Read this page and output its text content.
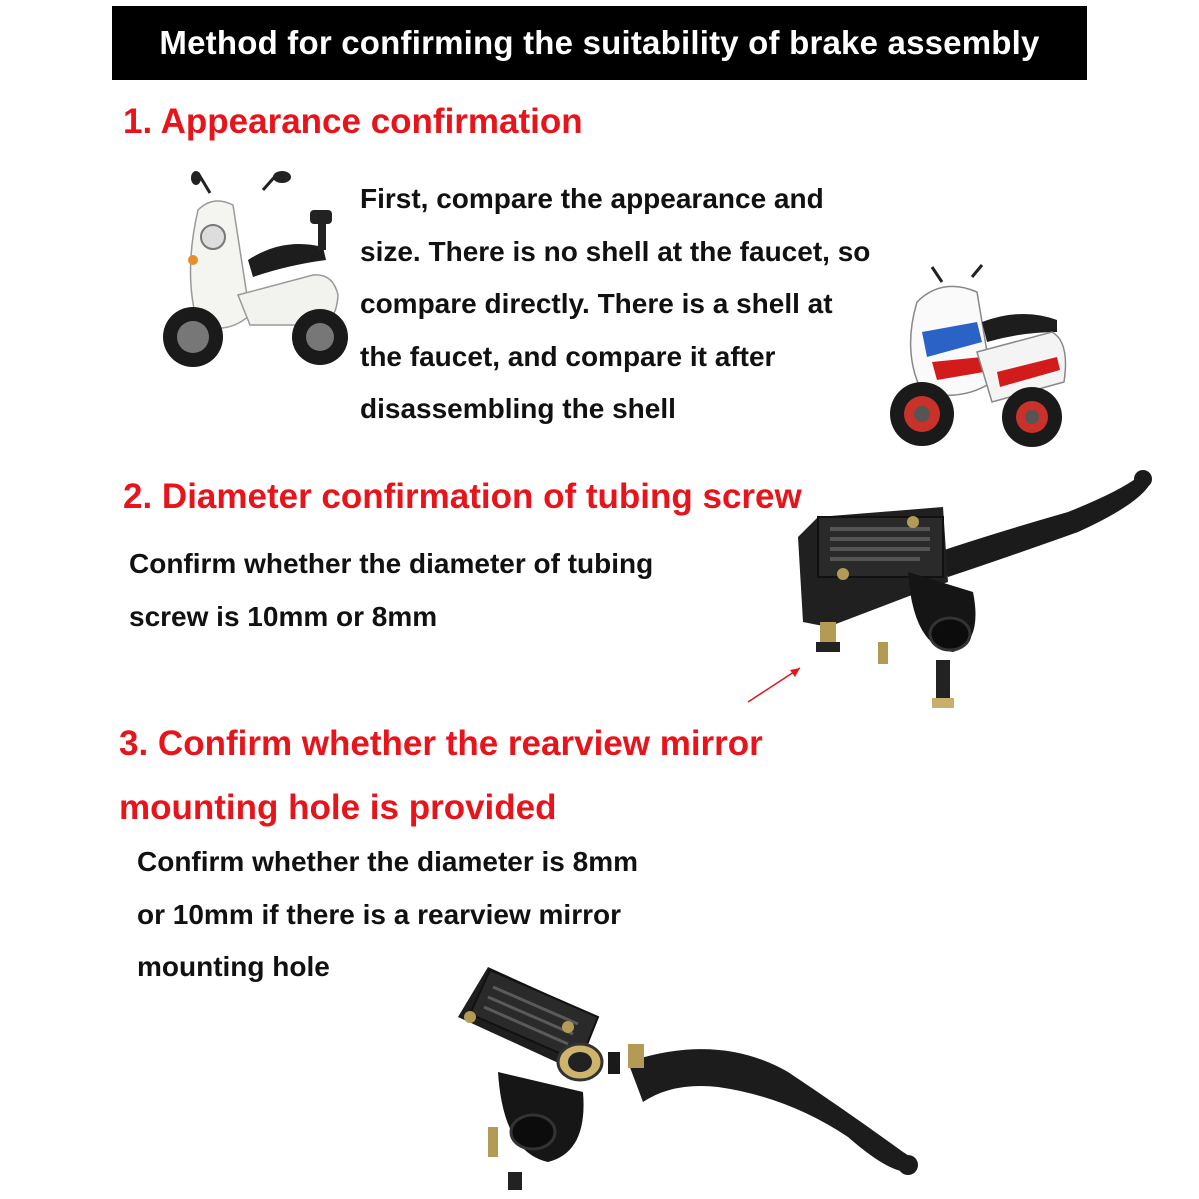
Method for confirming the suitability of brake assembly
1. Appearance confirmation
First, compare the appearance and
size. There is no shell at the faucet, so
compare directly. There is a shell at
the faucet, and compare it after
disassembling the shell
2. Diameter confirmation of tubing screw
Confirm whether the diameter of tubing
screw is 10mm or 8mm
3. Confirm whether the rearview mirror
mounting hole is provided
Confirm whether the diameter is 8mm
or 10mm if there is a rearview mirror
mounting hole
